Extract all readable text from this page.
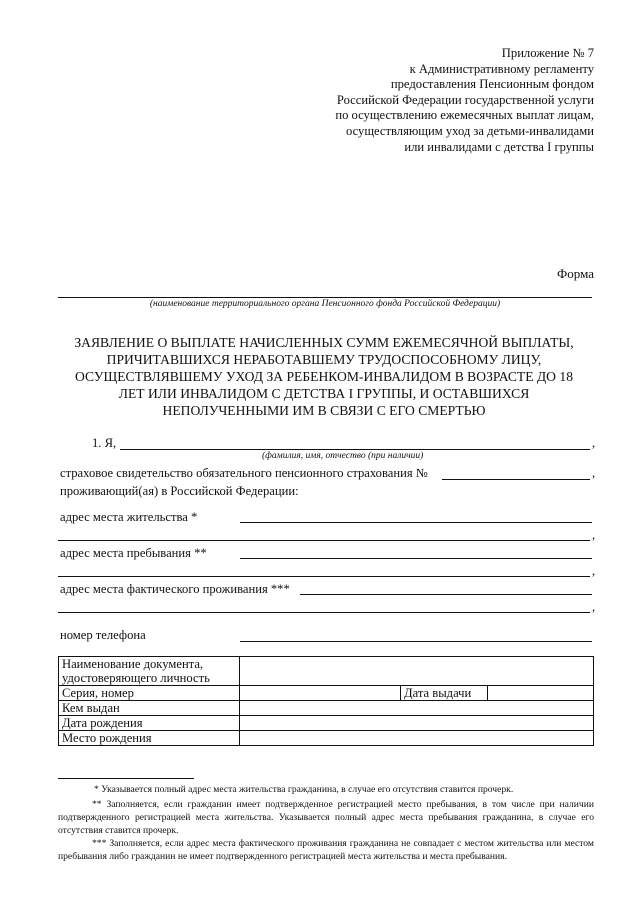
Приложение № 7
к Административному регламенту
предоставления Пенсионным фондом
Российской Федерации государственной услуги
по осуществлению ежемесячных выплат лицам,
осуществляющим уход за детьми-инвалидами
или инвалидами с детства I группы
Форма
(наименование территориального органа Пенсионного фонда Российской Федерации)
ЗАЯВЛЕНИЕ О ВЫПЛАТЕ НАЧИСЛЕННЫХ СУММ ЕЖЕМЕСЯЧНОЙ ВЫПЛАТЫ,
ПРИЧИТАВШИХСЯ НЕРАБОТАВШЕМУ ТРУДОСПОСОБНОМУ ЛИЦУ,
ОСУЩЕСТВЛЯВШЕМУ УХОД ЗА РЕБЕНКОМ-ИНВАЛИДОМ В ВОЗРАСТЕ ДО 18
ЛЕТ ИЛИ ИНВАЛИДОМ С ДЕТСТВА I ГРУППЫ, И ОСТАВШИХСЯ
НЕПОЛУЧЕННЫМИ ИМ В СВЯЗИ С ЕГО СМЕРТЬЮ
1. Я,	,
(фамилия, имя, отчество (при наличии)
страховое свидетельство обязательного пенсионного страхования №	,
проживающий(ая) в Российской Федерации:
адрес места жительства *
,
адрес места пребывания **
,
адрес места фактического проживания ***
,
номер телефона
Наименование документа, удостоверяющего личность			
Серия, номер		Дата выдачи	
Кем выдан			
Дата рождения			
Место рождения			
* Указывается полный адрес места жительства гражданина, в случае его отсутствия ставится прочерк.
** Заполняется, если гражданин имеет подтвержденное регистрацией место пребывания, в том числе при наличии подтвержденного регистрацией места жительства. Указывается полный адрес места пребывания гражданина, в случае его отсутствия ставится прочерк.
*** Заполняется, если адрес места фактического проживания гражданина не совпадает с местом жительства или местом пребывания либо гражданин не имеет подтвержденного регистрацией места жительства и места пребывания.
